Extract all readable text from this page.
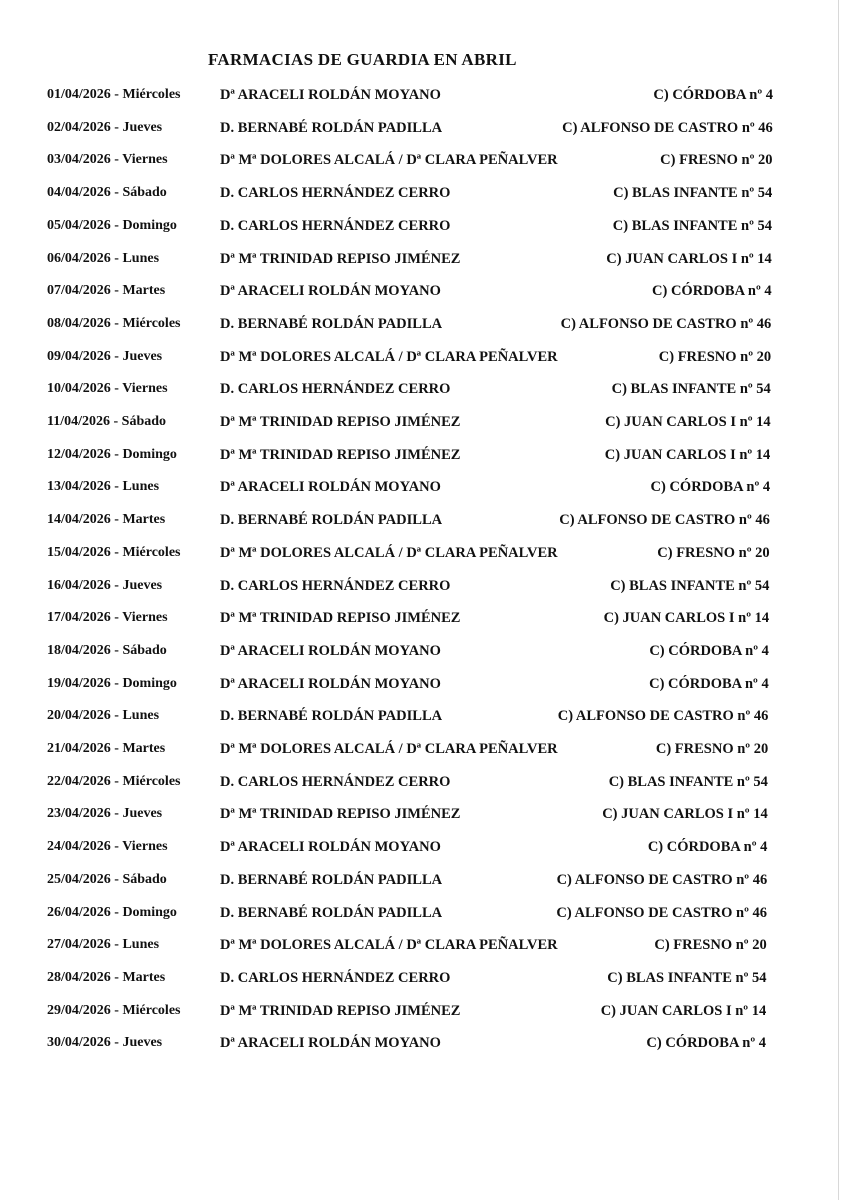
FARMACIAS DE GUARDIA EN ABRIL
01/04/2026 - Miércoles	Dª ARACELI ROLDÁN MOYANO	C) CÓRDOBA nº 4
02/04/2026 - Jueves	D. BERNABÉ ROLDÁN PADILLA	C) ALFONSO DE CASTRO nº 46
03/04/2026 - Viernes	Dª Mª DOLORES ALCALÁ / Dª CLARA PEÑALVER	C) FRESNO nº 20
04/04/2026 - Sábado	D. CARLOS HERNÁNDEZ CERRO	C) BLAS INFANTE nº 54
05/04/2026 - Domingo	D. CARLOS HERNÁNDEZ CERRO	C) BLAS INFANTE nº 54
06/04/2026 - Lunes	Dª Mª TRINIDAD REPISO JIMÉNEZ	C) JUAN CARLOS I nº 14
07/04/2026 - Martes	Dª ARACELI ROLDÁN MOYANO	C) CÓRDOBA nº 4
08/04/2026 - Miércoles	D. BERNABÉ ROLDÁN PADILLA	C) ALFONSO DE CASTRO nº 46
09/04/2026 - Jueves	Dª Mª DOLORES ALCALÁ / Dª CLARA PEÑALVER	C) FRESNO nº 20
10/04/2026 - Viernes	D. CARLOS HERNÁNDEZ CERRO	C) BLAS INFANTE nº 54
11/04/2026 - Sábado	Dª Mª TRINIDAD REPISO JIMÉNEZ	C) JUAN CARLOS I nº 14
12/04/2026 - Domingo	Dª Mª TRINIDAD REPISO JIMÉNEZ	C) JUAN CARLOS I nº 14
13/04/2026 - Lunes	Dª ARACELI ROLDÁN MOYANO	C) CÓRDOBA nº 4
14/04/2026 - Martes	D. BERNABÉ ROLDÁN PADILLA	C) ALFONSO DE CASTRO nº 46
15/04/2026 - Miércoles	Dª Mª DOLORES ALCALÁ / Dª CLARA PEÑALVER	C) FRESNO nº 20
16/04/2026 - Jueves	D. CARLOS HERNÁNDEZ CERRO	C) BLAS INFANTE nº 54
17/04/2026 - Viernes	Dª Mª TRINIDAD REPISO JIMÉNEZ	C) JUAN CARLOS I nº 14
18/04/2026 - Sábado	Dª ARACELI ROLDÁN MOYANO	C) CÓRDOBA nº 4
19/04/2026 - Domingo	Dª ARACELI ROLDÁN MOYANO	C) CÓRDOBA nº 4
20/04/2026 - Lunes	D. BERNABÉ ROLDÁN PADILLA	C) ALFONSO DE CASTRO nº 46
21/04/2026 - Martes	Dª Mª DOLORES ALCALÁ / Dª CLARA PEÑALVER	C) FRESNO nº 20
22/04/2026 - Miércoles	D. CARLOS HERNÁNDEZ CERRO	C) BLAS INFANTE nº 54
23/04/2026 - Jueves	Dª Mª TRINIDAD REPISO JIMÉNEZ	C) JUAN CARLOS I nº 14
24/04/2026 - Viernes	Dª ARACELI ROLDÁN MOYANO	C) CÓRDOBA nº 4
25/04/2026 - Sábado	D. BERNABÉ ROLDÁN PADILLA	C) ALFONSO DE CASTRO nº 46
26/04/2026 - Domingo	D. BERNABÉ ROLDÁN PADILLA	C) ALFONSO DE CASTRO nº 46
27/04/2026 - Lunes	Dª Mª DOLORES ALCALÁ / Dª CLARA PEÑALVER	C) FRESNO nº 20
28/04/2026 - Martes	D. CARLOS HERNÁNDEZ CERRO	C) BLAS INFANTE nº 54
29/04/2026 - Miércoles	Dª Mª TRINIDAD REPISO JIMÉNEZ	C) JUAN CARLOS I nº 14
30/04/2026 - Jueves	Dª ARACELI ROLDÁN MOYANO	C) CÓRDOBA nº 4
